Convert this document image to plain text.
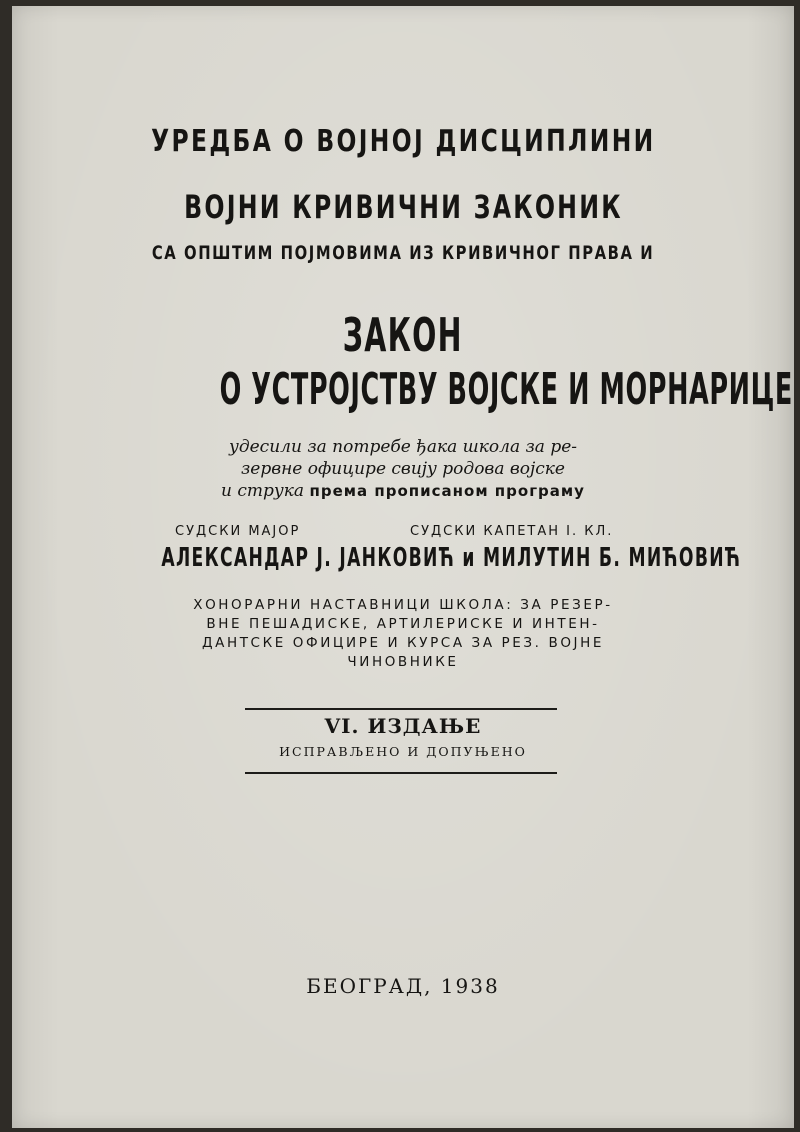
УРЕДБА О ВОЈНОЈ ДИСЦИПЛИНИ
ВОЈНИ КРИВИЧНИ ЗАКОНИК
СА ОПШТИМ ПОЈМОВИМА ИЗ КРИВИЧНОГ ПРАВА И
ЗАКОН
О УСТРОЈСТВУ ВОЈСКЕ И МОРНАРИЦЕ
удесили за потребе ђака школа за ре-
зервне официре свију родова војске
и струка према прописаном програму
СУДСКИ МАЈОР	СУДСКИ КАПЕТАН I. КЛ.
АЛЕКСАНДАР Ј. ЈАНКОВИЋ и МИЛУТИН Б. МИЋОВИЋ
ХОНОРАРНИ НАСТАВНИЦИ ШКОЛА: ЗА РЕЗЕР-
ВНЕ ПЕШАДИСКЕ, АРТИЛЕРИСКЕ И ИНТЕН-
ДАНТСКЕ ОФИЦИРЕ И КУРСА ЗА РЕЗ. ВОЈНЕ
ЧИНОВНИКЕ
VI. ИЗДАЊЕ
ИСПРАВЉЕНО И ДОПУЊЕНО
БЕОГРАД, 1938
